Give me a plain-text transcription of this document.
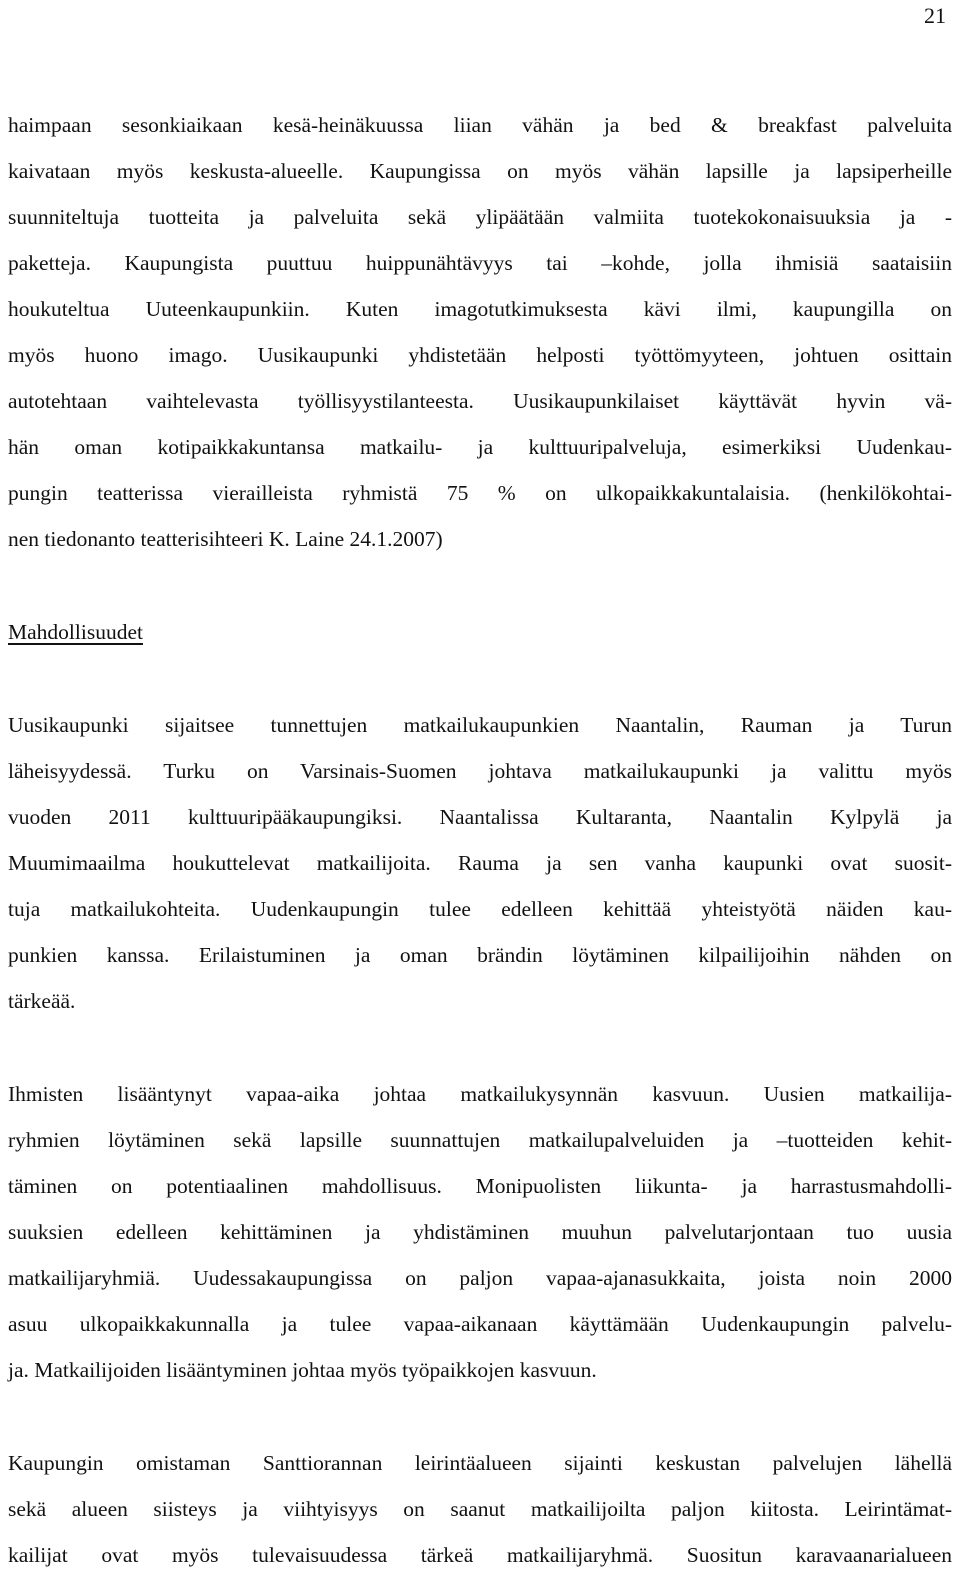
21
haimpaan sesonkiaikaan kesä-heinäkuussa liian vähän ja bed & breakfast palveluita
kaivataan myös keskusta-alueelle. Kaupungissa on myös vähän lapsille ja lapsiperheille
suunniteltuja tuotteita ja palveluita sekä ylipäätään valmiita tuotekokonaisuuksia ja -
paketteja. Kaupungista puuttuu huippunähtävyys tai –kohde, jolla ihmisiä saataisiin
houkuteltua Uuteenkaupunkiin. Kuten imagotutkimuksesta kävi ilmi, kaupungilla on
myös huono imago. Uusikaupunki yhdistetään helposti työttömyyteen, johtuen osittain
autotehtaan vaihtelevasta työllisyystilanteesta. Uusikaupunkilaiset käyttävät hyvin vä-
hän oman kotipaikkakuntansa matkailu- ja kulttuuripalveluja, esimerkiksi Uudenkau-
pungin teatterissa vierailleista ryhmistä 75 % on ulkopaikkakuntalaisia. (henkilökohtai-
nen tiedonanto teatterisihteeri K. Laine 24.1.2007)
Mahdollisuudet
Uusikaupunki sijaitsee tunnettujen matkailukaupunkien Naantalin, Rauman ja Turun
läheisyydessä. Turku on Varsinais-Suomen johtava matkailukaupunki ja valittu myös
vuoden 2011 kulttuuripääkaupungiksi. Naantalissa Kultaranta, Naantalin Kylpylä ja
Muumimaailma houkuttelevat matkailijoita. Rauma ja sen vanha kaupunki ovat suosit-
tuja matkailukohteita. Uudenkaupungin tulee edelleen kehittää yhteistyötä näiden kau-
punkien kanssa. Erilaistuminen ja oman brändin löytäminen kilpailijoihin nähden on
tärkeää.
Ihmisten lisääntynyt vapaa-aika johtaa matkailukysynnän kasvuun. Uusien matkailija-
ryhmien löytäminen sekä lapsille suunnattujen matkailupalveluiden ja –tuotteiden kehit-
täminen on potentiaalinen mahdollisuus. Monipuolisten liikunta- ja harrastusmahdolli-
suuksien edelleen kehittäminen ja yhdistäminen muuhun palvelutarjontaan tuo uusia
matkailijaryhmiä. Uudessakaupungissa on paljon vapaa-ajanasukkaita, joista noin 2000
asuu ulkopaikkakunnalla ja tulee vapaa-aikanaan käyttämään Uudenkaupungin palvelu-
ja. Matkailijoiden lisääntyminen johtaa myös työpaikkojen kasvuun.
Kaupungin omistaman Santtiorannan leirintäalueen sijainti keskustan palvelujen lähellä
sekä alueen siisteys ja viihtyisyys on saanut matkailijoilta paljon kiitosta. Leirintämat-
kailijat ovat myös tulevaisuudessa tärkeä matkailijaryhmä. Suositun karavaanarialueen
